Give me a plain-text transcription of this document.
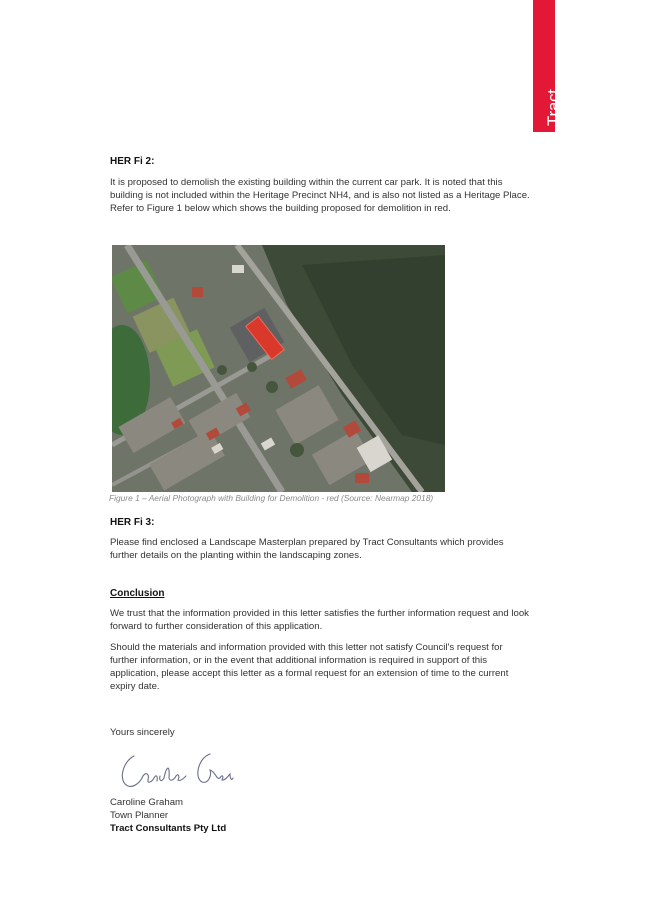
Tract
HER Fi 2:

It is proposed to demolish the existing building within the current car park. It is noted that this building is not included within the Heritage Precinct NH4, and is also not listed as a Heritage Place. Refer to Figure 1 below which shows the building proposed for demolition in red.

Figure 1 – Aerial Photograph with Building for Demolition - red (Source: Nearmap 2018)
HER Fi 3:

Please find enclosed a Landscape Masterplan prepared by Tract Consultants which provides further details on the planting within the landscaping zones.

Conclusion

We trust that the information provided in this letter satisfies the further information request and look forward to further consideration of this application.

Should the materials and information provided with this letter not satisfy Council's request for further information, or in the event that additional information is required in support of this application, please accept this letter as a formal request for an extension of time to the current expiry date.

Yours sincerely

Caroline Graham

Town Planner

Tract Consultants Pty Ltd
